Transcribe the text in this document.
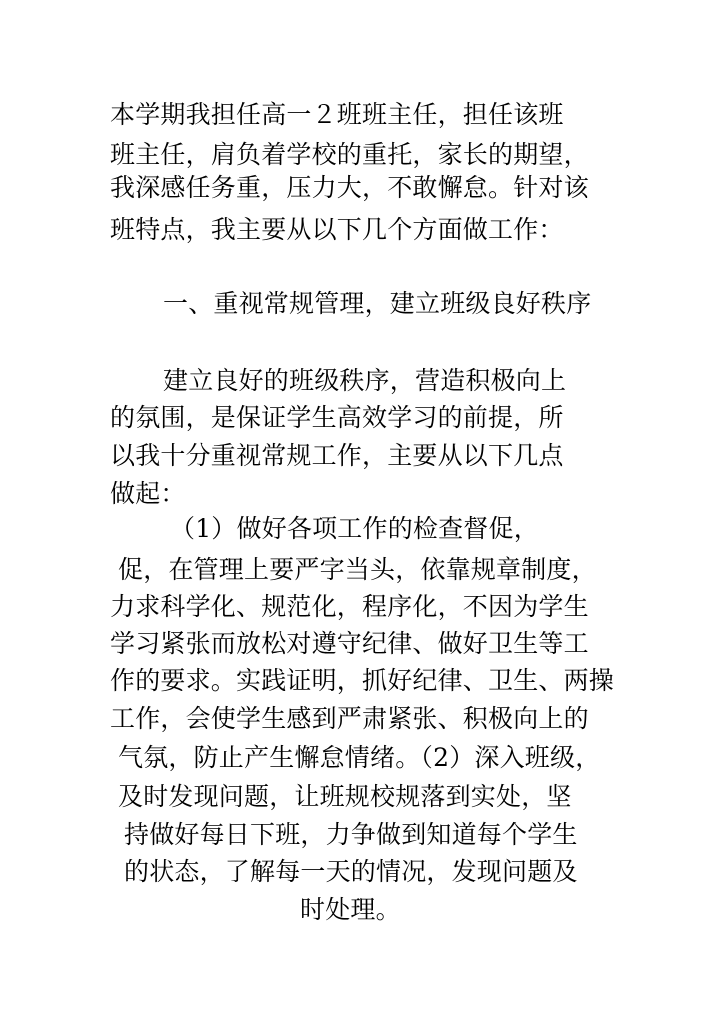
本学期我担任高一２班班主任，担任该班
班主任，肩负着学校的重托，家长的期望，
我深感任务重，压力大，不敢懈怠。针对该
班特点，我主要从以下几个方面做工作：
一、重视常规管理，建立班级良好秩序
建立良好的班级秩序，营造积极向上
的氛围，是保证学生高效学习的前提，所
以我十分重视常规工作，主要从以下几点
做起：
（1）做好各项工作的检查督促，
促，在管理上要严字当头，依靠规章制度，
力求科学化、规范化，程序化，不因为学生
学习紧张而放松对遵守纪律、做好卫生等工
作的要求。实践证明，抓好纪律、卫生、两操
工作，会使学生感到严肃紧张、积极向上的
气氛，防止产生懈怠情绪。（2）深入班级，
及时发现问题，让班规校规落到实处，坚
持做好每日下班，力争做到知道每个学生
的状态，了解每一天的情况，发现问题及
时处理。
